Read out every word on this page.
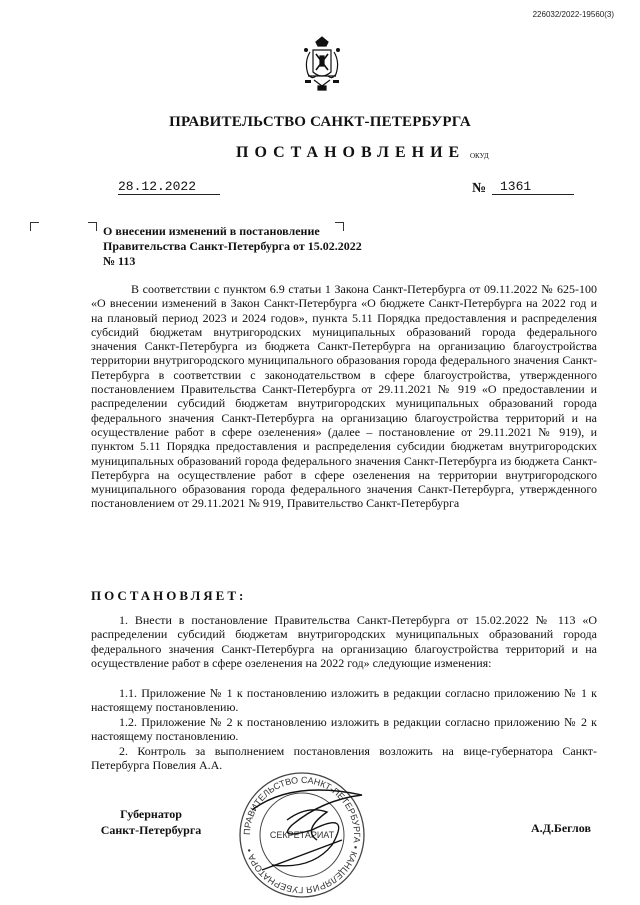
226032/2022-19560(3)
ПРАВИТЕЛЬСТВО САНКТ-ПЕТЕРБУРГА
ПОСТАНОВЛЕНИЕ ОКУД
28.12.2022	№	1361
О внесении изменений в постановление Правительства Санкт-Петербурга от 15.02.2022 № 113
В соответствии с пунктом 6.9 статьи 1 Закона Санкт-Петербурга от 09.11.2022 № 625-100 «О внесении изменений в Закон Санкт-Петербурга «О бюджете Санкт-Петербурга на 2022 год и на плановый период 2023 и 2024 годов», пункта 5.11 Порядка предоставления и распределения субсидий бюджетам внутригородских муниципальных образований города федерального значения Санкт-Петербурга из бюджета Санкт-Петербурга на организацию благоустройства территории внутригородского муниципального образования города федерального значения Санкт-Петербурга в соответствии с законодательством в сфере благоустройства, утвержденного постановлением Правительства Санкт-Петербурга от 29.11.2021 № 919 «О предоставлении и распределении субсидий бюджетам внутригородских муниципальных образований города федерального значения Санкт-Петербурга на организацию благоустройства территорий и на осуществление работ в сфере озеленения» (далее – постановление от 29.11.2021 № 919), и пунктом 5.11 Порядка предоставления и распределения субсидии бюджетам внутригородских муниципальных образований города федерального значения Санкт-Петербурга из бюджета Санкт-Петербурга на осуществление работ в сфере озеленения на территории внутригородского муниципального образования города федерального значения Санкт-Петербурга, утвержденного постановлением от 29.11.2021 № 919, Правительство Санкт-Петербурга
ПОСТАНОВЛЯЕТ:
1. Внести в постановление Правительства Санкт-Петербурга от 15.02.2022 № 113 «О распределении субсидий бюджетам внутригородских муниципальных образований города федерального значения Санкт-Петербурга на организацию благоустройства территорий и на осуществление работ в сфере озеленения на 2022 год» следующие изменения:
1.1. Приложение № 1 к постановлению изложить в редакции согласно приложению № 1 к настоящему постановлению.
1.2. Приложение № 2 к постановлению изложить в редакции согласно приложению № 2 к настоящему постановлению.
2. Контроль за выполнением постановления возложить на вице-губернатора Санкт-Петербурга Повелия А.А.
Губернатор
Санкт-Петербурга	ПРАВИТЕЛЬСТВО САНКТ-ПЕТЕРБУРГА • КАНЦЕЛЯРИЯ ГУБЕРНАТОРА •
СЕКРЕТАРИАТ	А.Д.Беглов
